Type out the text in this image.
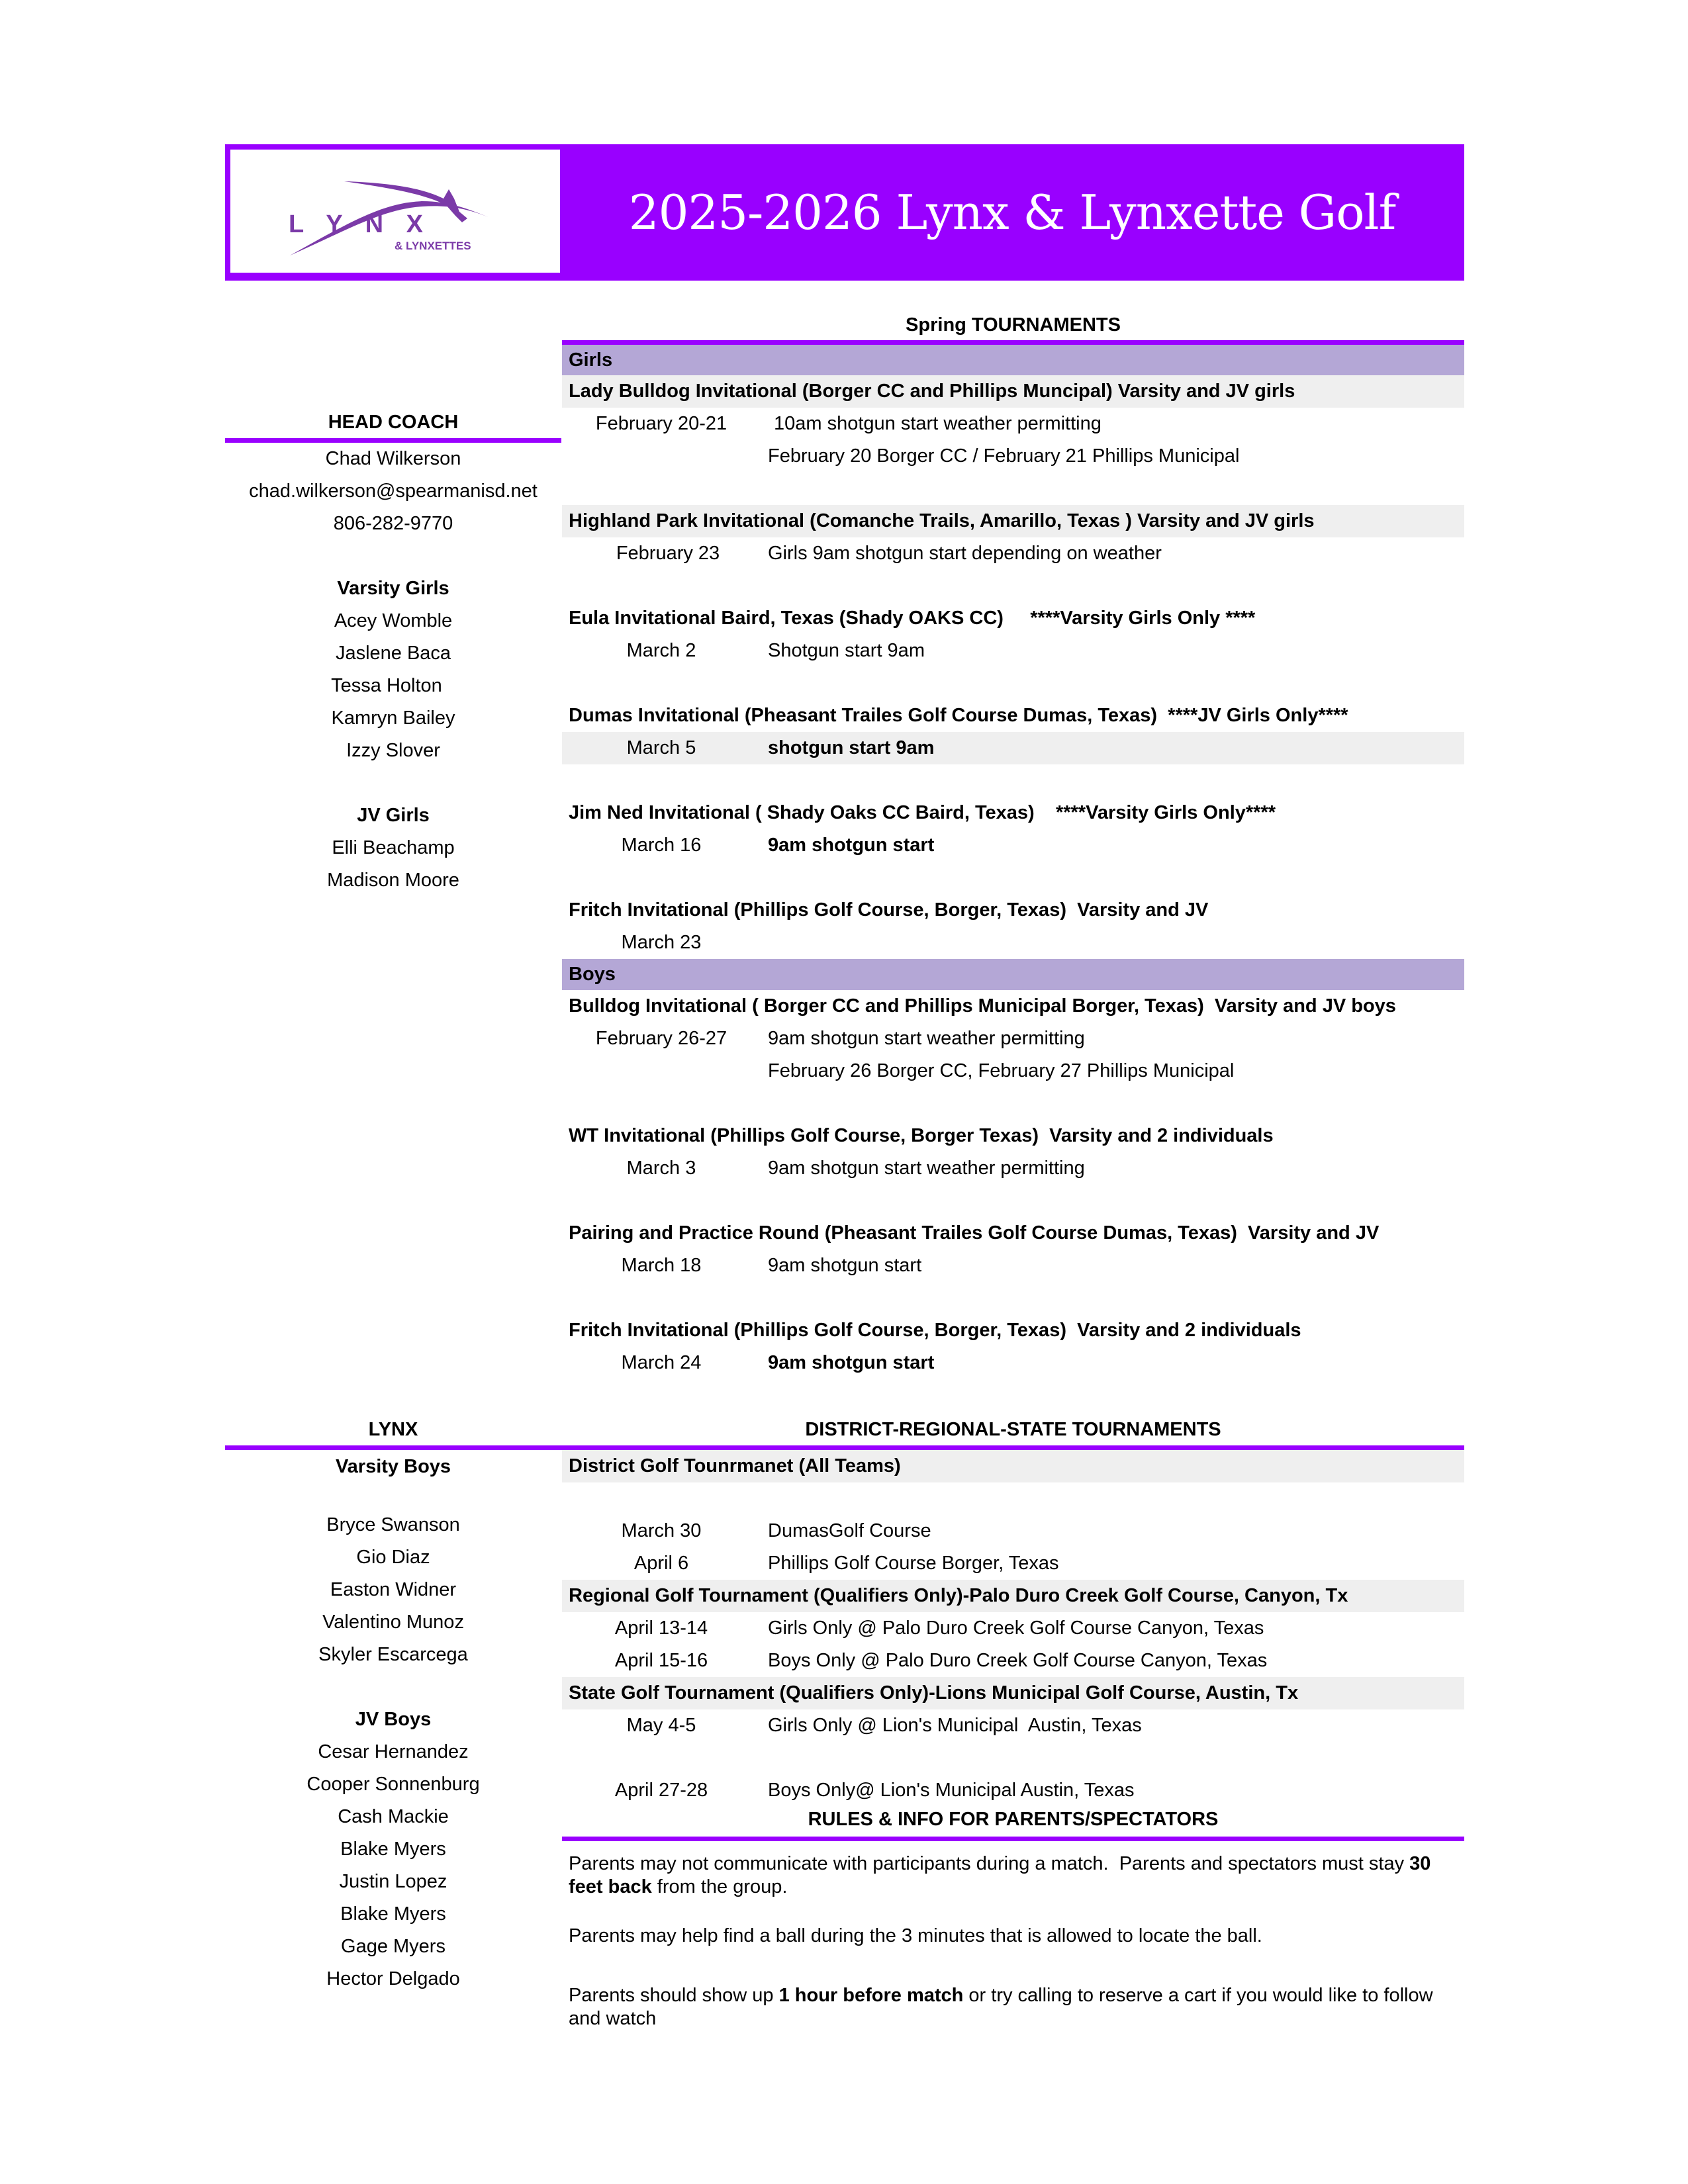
L Y N X
& LYNXETTES
2025-2026 Lynx & Lynxette Golf
HEAD COACH
Chad Wilkerson
chad.wilkerson@spearmanisd.net
806-282-9770
Varsity Girls
Acey Womble
Jaslene Baca
Tessa Holton
Kamryn Bailey
Izzy Slover
JV Girls
Elli Beachamp
Madison Moore
LYNX
Varsity Boys
Bryce Swanson
Gio Diaz
Easton Widner
Valentino Munoz
Skyler Escarcega
JV Boys
Cesar Hernandez
Cooper Sonnenburg
Cash Mackie
Blake Myers
Justin Lopez
Blake Myers
Gage Myers
Hector Delgado
Spring TOURNAMENTS
Girls
Lady Bulldog Invitational (Borger CC and Phillips Muncipal) Varsity and JV girls
February 20-21	10am shotgun start weather permitting
February 20 Borger CC / February 21 Phillips Municipal
Highland Park Invitational (Comanche Trails, Amarillo, Texas ) Varsity and JV girls
February 23	Girls 9am shotgun start depending on weather
Eula Invitational Baird, Texas (Shady OAKS CC)     ****Varsity Girls Only ****
March 2	Shotgun start 9am
Dumas Invitational (Pheasant Trailes Golf Course Dumas, Texas)  ****JV Girls Only****
March 5	shotgun start 9am
Jim Ned Invitational ( Shady Oaks CC Baird, Texas)    ****Varsity Girls Only****
March 16	9am shotgun start
Fritch Invitational (Phillips Golf Course, Borger, Texas)  Varsity and JV
March 23
Boys
Bulldog Invitational ( Borger CC and Phillips Municipal Borger, Texas)  Varsity and JV boys
February 26-27	9am shotgun start weather permitting
February 26 Borger CC, February 27 Phillips Municipal
WT Invitational (Phillips Golf Course, Borger Texas)  Varsity and 2 individuals
March 3	9am shotgun start weather permitting
Pairing and Practice Round (Pheasant Trailes Golf Course Dumas, Texas)  Varsity and JV
March 18	9am shotgun start
Fritch Invitational (Phillips Golf Course, Borger, Texas)  Varsity and 2 individuals
March 24	9am shotgun start
DISTRICT-REGIONAL-STATE TOURNAMENTS
District Golf Tounrmanet (All Teams)
March 30	DumasGolf Course
April 6	Phillips Golf Course Borger, Texas
Regional Golf Tournament (Qualifiers Only)-Palo Duro Creek Golf Course, Canyon, Tx
April 13-14	Girls Only @ Palo Duro Creek Golf Course Canyon, Texas
April 15-16	Boys Only @ Palo Duro Creek Golf Course Canyon, Texas
State Golf Tournament (Qualifiers Only)-Lions Municipal Golf Course, Austin, Tx
May 4-5	Girls Only @ Lion's Municipal  Austin, Texas
April 27-28	Boys Only@ Lion's Municipal Austin, Texas
RULES & INFO FOR PARENTS/SPECTATORS
Parents may not communicate with participants during a match.  Parents and spectators must stay 30 feet back from the group.
Parents may help find a ball during the 3 minutes that is allowed to locate the ball.
Parents should show up 1 hour before match or try calling to reserve a cart if you would like to follow and watch
